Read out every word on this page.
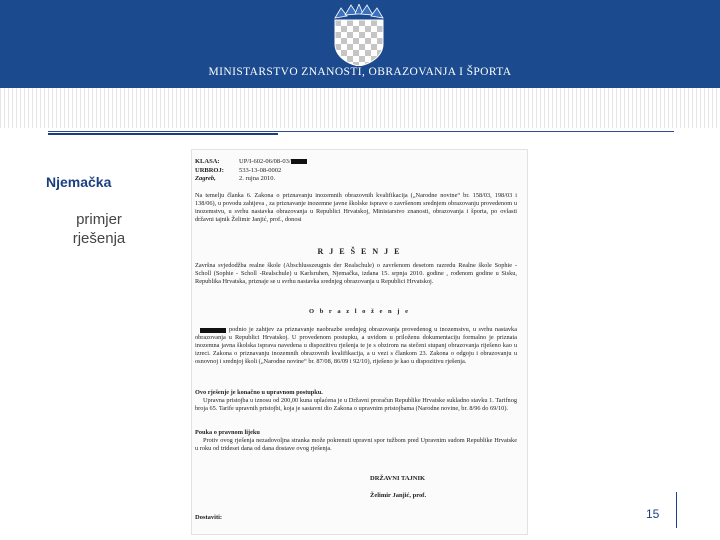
MINISTARSTVO ZNANOSTI, OBRAZOVANJA I ŠPORTA
Njemačka
primjer
rješenja
KLASA:	UP/I-602-06/08-03/
URBROJ: 533-13-08-0002
Zagreb,	2. rujna 2010.
Na temelju članka 6. Zakona o priznavanju inozemnih obrazovnih kvalifikacija („Narodne novine“ br. 158/03, 198/03 i 138/06), u povodu zahtjeva , za priznavanje inozemne javne školske isprave o završenom srednjem obrazovanju provedenom u inozemstvu, u svrhu nastavka obrazovanja u Republici Hrvatskoj, Ministarstvo znanosti, obrazovanja i športa, po ovlasti državni tajnik Želimir Janjić, prof., donosi
R J E Š E N J E
Završna svjedodžba realne škole (Abschlusszeugnis der Realschule) o završenom desetom razredu Realne škole Sophie - Scholl (Sophie - Scholl -Realschule) u Karlsruhen, Njemačka, izdana 15. srpnja 2010. godine , rođenom godine u Sisku, Republika Hrvatska, priznaje se u svrhu nastavka srednjeg obrazovanja u Republici Hrvatskoj.
O b r a z l o ž e n j e
podnio je zahtjev za priznavanje naobrazbe srednjeg obrazovanja provedenog u inozemstvu, u svrhu nastavka obrazovanja u Republici Hrvatskoj. U provedenom postupku, a uvidom u priloženu dokumentaciju formalno je priznata inozemna javna školska isprava navedena u dispozitivu rješenja te je s obzirom na stečeni stupanj obrazovanja riješeno kao u izreci. Zakona o priznavanju inozemnih obrazovnih kvalifikacija, a u vezi s člankom 23. Zakona o odgoju i obrazovanju u osnovnoj i srednjoj školi („Narodne novine“ br. 87/08, 86/09 i 92/10), riješeno je kao u dispozitivu rješenja.
Ovo rješenje je konačno u upravnom postupku.
Upravna pristojba u iznosu od 200,00 kuna uplaćena je u Državni proračun Republike Hrvatske sukladno stavku 1. Tarifnog broja 65. Tarife upravnih pristojbi, koja je sastavni dio Zakona o upravnim pristojbama (Narodne novine, br. 8/96 do 69/10).
Pouka o pravnom lijeku
Protiv ovog rješenja nezadovoljna stranka može pokrenuti upravni spor tužbom pred Upravnim sudom Republike Hrvatske u roku od trideset dana od dana dostave ovog rješenja.
DRŽAVNI TAJNIK
Želimir Janjić, prof.
Dostaviti:	15
